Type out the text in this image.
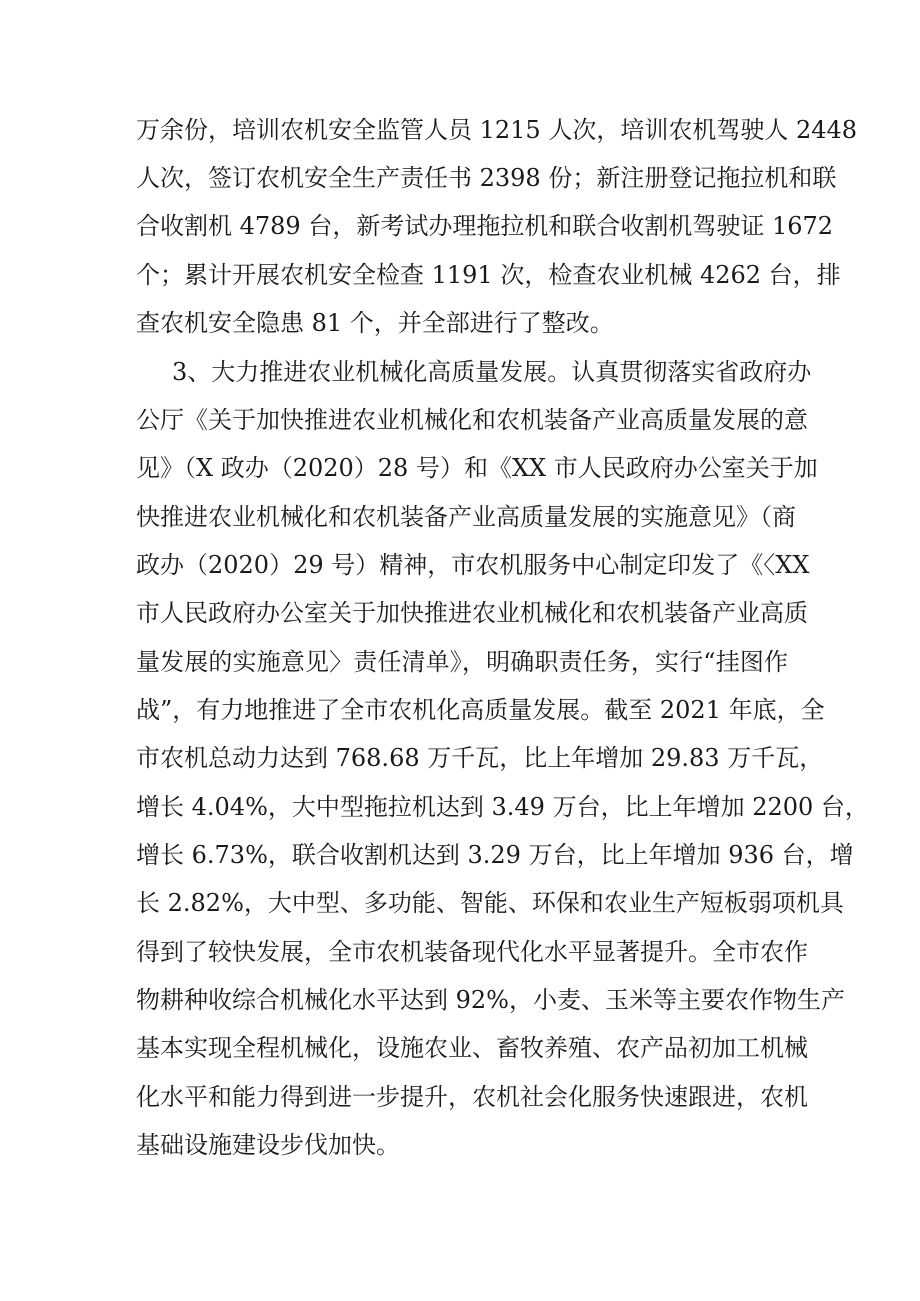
万余份，培训农机安全监管人员 1215 人次，培训农机驾驶人 2448

人次，签订农机安全生产责任书 2398 份；新注册登记拖拉机和联

合收割机 4789 台，新考试办理拖拉机和联合收割机驾驶证 1672

个；累计开展农机安全检查 1191 次，检查农业机械 4262 台，排

查农机安全隐患 81 个，并全部进行了整改。

3、大力推进农业机械化高质量发展。认真贯彻落实省政府办

公厅《关于加快推进农业机械化和农机装备产业高质量发展的意

见》（X 政办（2020）28 号）和《XX 市人民政府办公室关于加

快推进农业机械化和农机装备产业高质量发展的实施意见》（商

政办（2020）29 号）精神，市农机服务中心制定印发了《〈XX

市人民政府办公室关于加快推进农业机械化和农机装备产业高质

量发展的实施意见〉责任清单》，明确职责任务，实行“挂图作

战”，有力地推进了全市农机化高质量发展。截至 2021 年底，全

市农机总动力达到 768.68 万千瓦，比上年增加 29.83 万千瓦，

增长 4.04%，大中型拖拉机达到 3.49 万台，比上年增加 2200 台，

增长 6.73%，联合收割机达到 3.29 万台，比上年增加 936 台，增

长 2.82%，大中型、多功能、智能、环保和农业生产短板弱项机具

得到了较快发展，全市农机装备现代化水平显著提升。全市农作

物耕种收综合机械化水平达到 92%，小麦、玉米等主要农作物生产

基本实现全程机械化，设施农业、畜牧养殖、农产品初加工机械

化水平和能力得到进一步提升，农机社会化服务快速跟进，农机

基础设施建设步伐加快。
